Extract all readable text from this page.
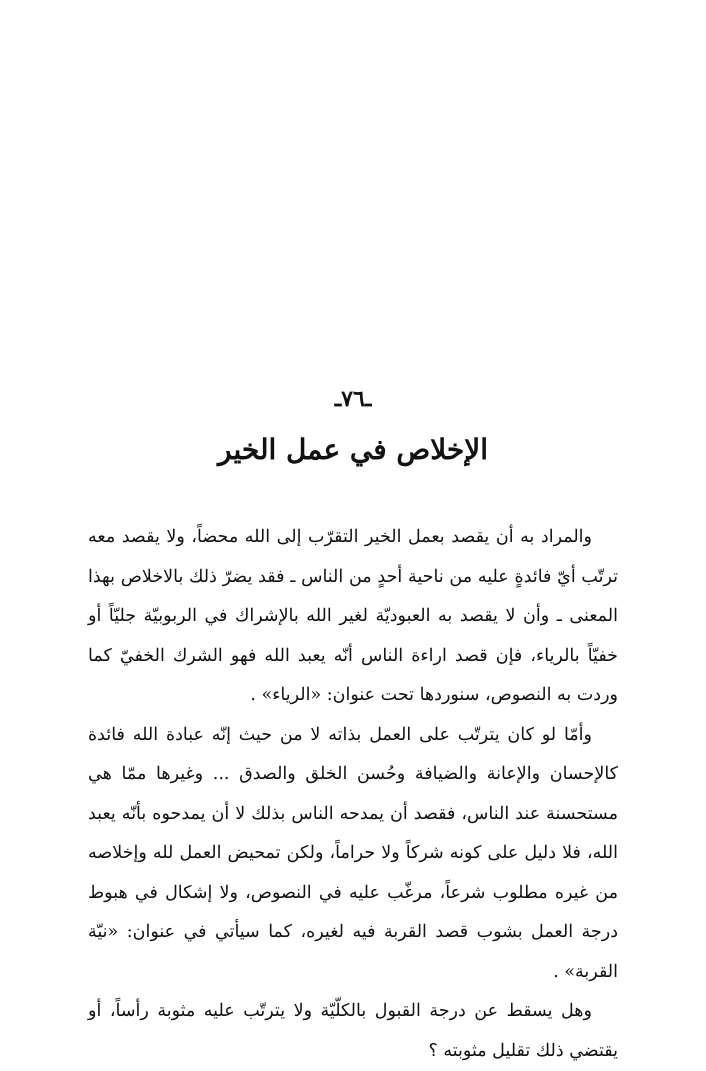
ـ٧٦ـ
الإخلاص في عمل الخير

والمراد به أن يقصد بعمل الخير التقرّب إلى الله محضاً، ولا يقصد معه ترتّب أيّ فائدةٍ عليه من ناحية أحدٍ من الناس ـ فقد يضرّ ذلك بالاخلاص بهذا المعنى ـ وأن لا يقصد به العبوديّة لغير الله بالإشراك في الربوبيّة جليّاً أو خفيّاً بالرياء، فإن قصد اراءة الناس أنّه يعبد الله فهو الشرك الخفيّ كما وردت به النصوص، سنوردها تحت عنوان: «الرياء» .

وأمّا لو كان يترتّب على العمل بذاته لا من حيث إنّه عبادة الله فائدة كالإحسان والإعانة والضيافة وحُسن الخلق والصدق ... وغيرها ممّا هي مستحسنة عند الناس، فقصد أن يمدحه الناس بذلك لا أن يمدحوه بأنّه يعبد الله، فلا دليل على كونه شركاً ولا حراماً، ولكن تمحيض العمل لله وإخلاصه من غيره مطلوب شرعاً، مرغّب عليه في النصوص، ولا إشكال في هبوط درجة العمل بشوب قصد القربة فيه لغيره، كما سيأتي في عنوان: «نيّة القربة» .

وهل يسقط عن درجة القبول بالكلّيّة ولا يترتّب عليه مثوبة رأساً، أو يقتضي ذلك تقليل مثوبته ؟
